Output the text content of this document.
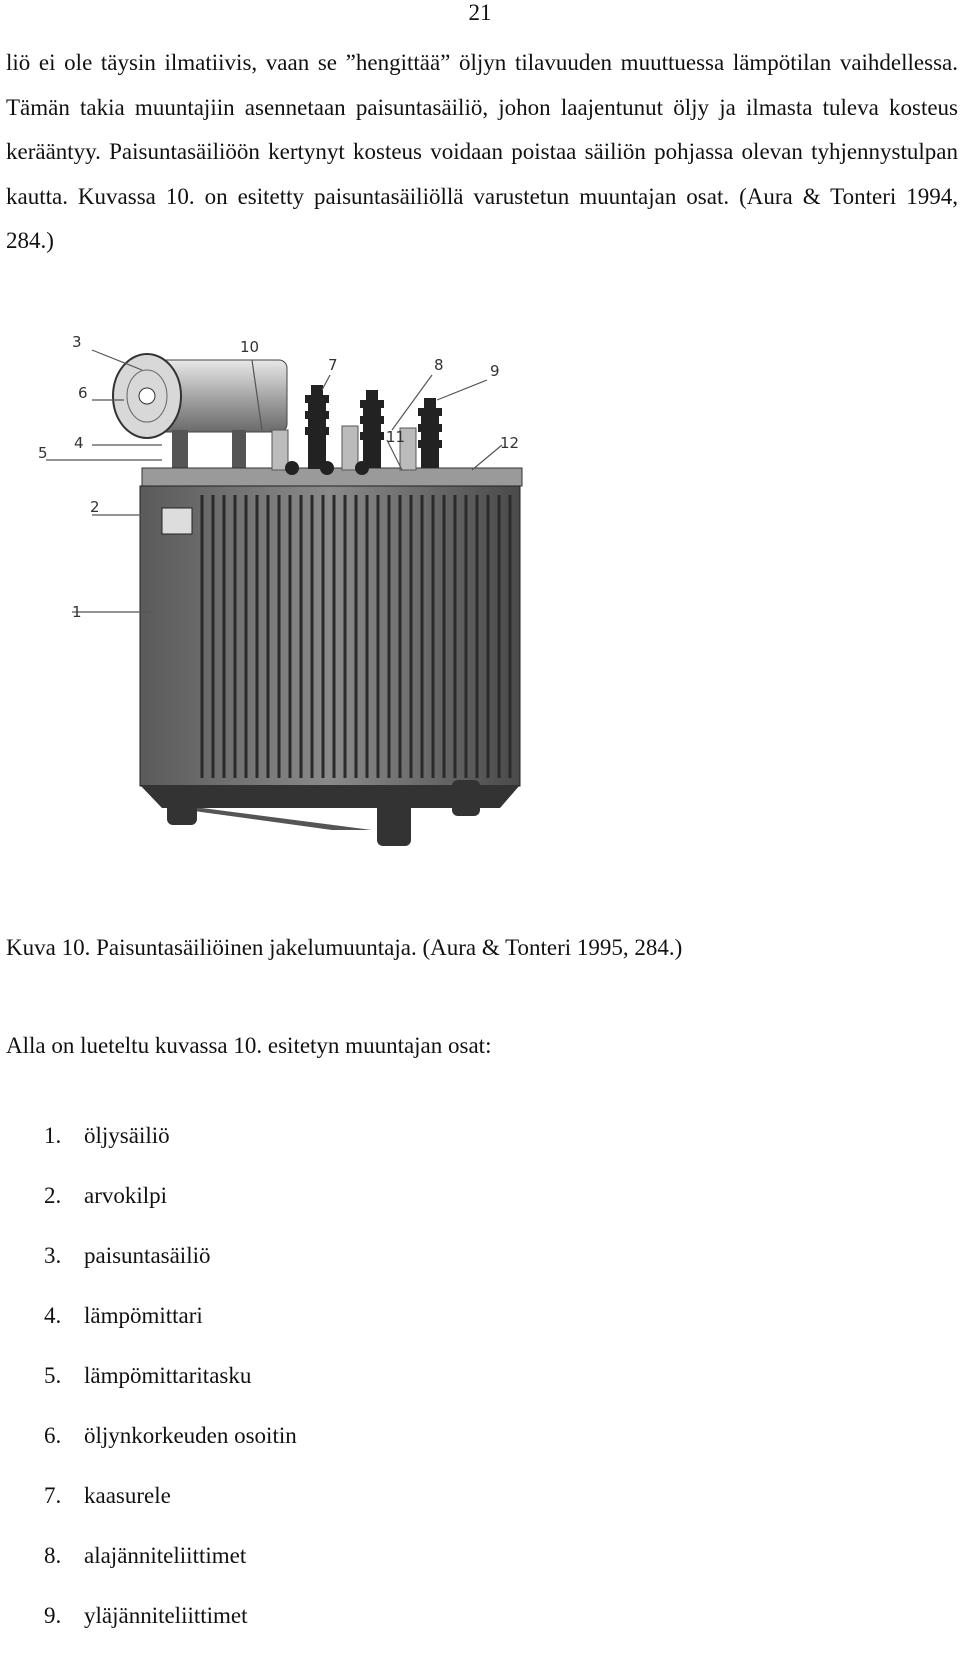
21

liö ei ole täysin ilmatiivis, vaan se ”hengittää” öljyn tilavuuden muuttuessa lämpötilan vaihdellessa. Tämän takia muuntajiin asennetaan paisuntasäiliö, johon laajentunut öljy ja ilmasta tuleva kosteus kerääntyy. Paisuntasäiliöön kertynyt kosteus voidaan poistaa säiliön pohjassa olevan tyhjennystulpan kautta. Kuvassa 10. on esitetty paisuntasäiliöllä varustetun muuntajan osat. (Aura & Tonteri 1994, 284.)

1
2
3
4
5
6
7	8	9
10
11	12
Kuva 10. Paisuntasäiliöinen jakelumuuntaja. (Aura & Tonteri 1995, 284.)
Alla on lueteltu kuvassa 10. esitetyn muuntajan osat:
1. öljysäiliö
2. arvokilpi
3. paisuntasäiliö
4. lämpömittari
5. lämpömittaritasku
6. öljynkorkeuden osoitin
7. kaasurele
8. alajänniteliittimet
9. yläjänniteliittimet
